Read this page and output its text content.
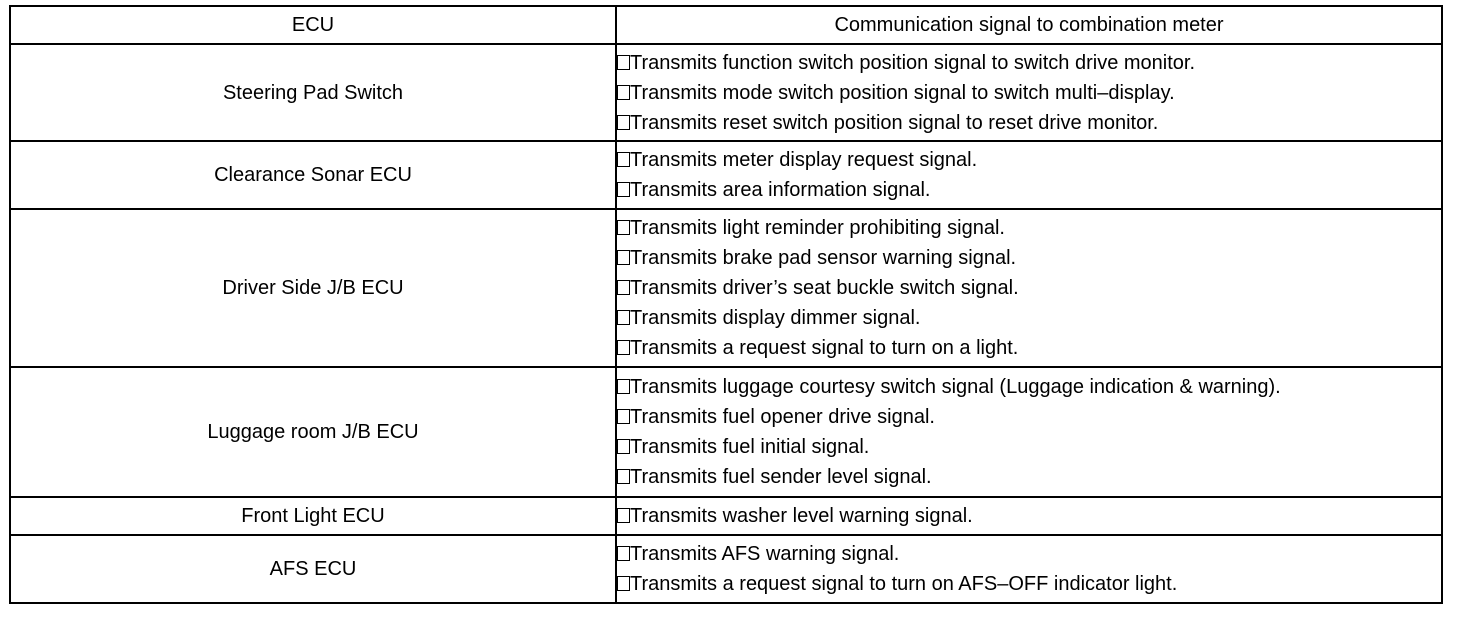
ECU	Communication signal to combination meter
Steering Pad Switch	Transmits function switch position signal to switch drive monitor.
Transmits mode switch position signal to switch multi–display.
Transmits reset switch position signal to reset drive monitor.

Clearance Sonar ECU	Transmits meter display request signal.
Transmits area information signal.

Driver Side J/B ECU	Transmits light reminder prohibiting signal.
Transmits brake pad sensor warning signal.
Transmits driver’s seat buckle switch signal.
Transmits display dimmer signal.
Transmits a request signal to turn on a light.

Luggage room J/B ECU	Transmits luggage courtesy switch signal (Luggage indication & warning).
Transmits fuel opener drive signal.
Transmits fuel initial signal.
Transmits fuel sender level signal.

Front Light ECU	Transmits washer level warning signal.

AFS ECU	Transmits AFS warning signal.
Transmits a request signal to turn on AFS–OFF indicator light.
